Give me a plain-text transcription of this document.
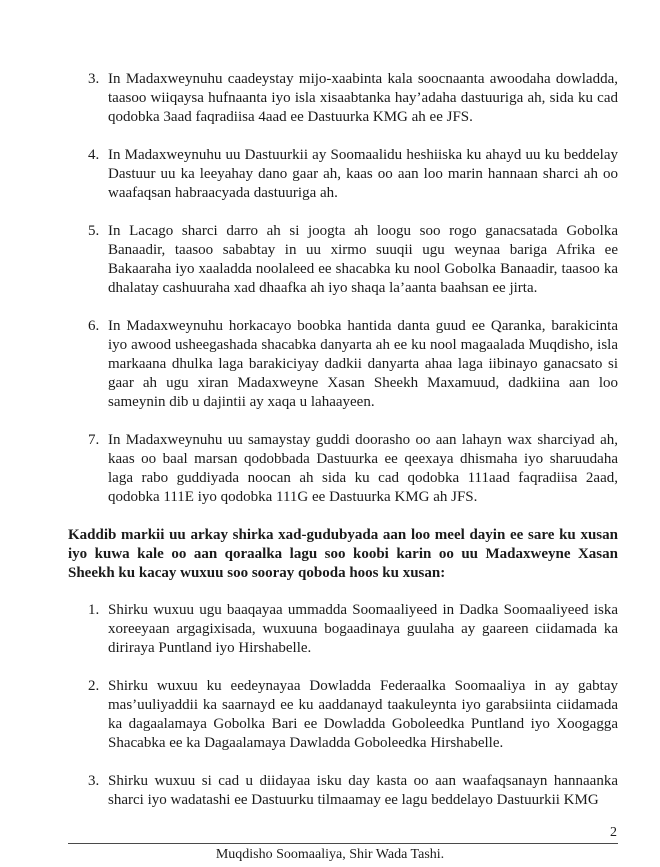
3. In Madaxweynuhu caadeystay mijo-xaabinta kala soocnaanta awoodaha dowladda, taasoo wiiqaysa hufnaanta iyo isla xisaabtanka hay’adaha dastuuriga ah, sida ku cad qodobka 3aad faqradiisa 4aad ee Dastuurka KMG ah ee JFS.
4. In Madaxweynuhu uu Dastuurkii ay Soomaalidu heshiiska ku ahayd uu ku beddelay Dastuur uu ka leeyahay dano gaar ah, kaas oo aan loo marin hannaan sharci ah oo waafaqsan habraacyada dastuuriga ah.
5. In Lacago sharci darro ah si joogta ah loogu soo rogo ganacsatada Gobolka Banaadir, taasoo sababtay in uu xirmo suuqii ugu weynaa bariga Afrika ee Bakaaraha iyo xaaladda noolaleed ee shacabka ku nool Gobolka Banaadir, taasoo ka dhalatay cashuuraha xad dhaafka ah iyo shaqa la’aanta baahsan ee jirta.
6. In Madaxweynuhu horkacayo boobka hantida danta guud ee Qaranka, barakicinta iyo awood usheegashada shacabka danyarta ah ee ku nool magaalada Muqdisho, isla markaana dhulka laga barakiciyay dadkii danyarta ahaa laga iibinayo ganacsato si gaar ah ugu xiran Madaxweyne Xasan Sheekh Maxamuud, dadkiina aan loo sameynin dib u dajintii ay xaqa u lahaayeen.
7. In Madaxweynuhu uu samaystay guddi doorasho oo aan lahayn wax sharciyad ah, kaas oo baal marsan qodobbada Dastuurka ee qeexaya dhismaha iyo sharuudaha laga rabo guddiyada noocan ah sida ku cad qodobka 111aad faqradiisa 2aad, qodobka 111E iyo qodobka 111G ee Dastuurka KMG ah JFS.

Kaddib markii uu arkay shirka xad-gudubyada aan loo meel dayin ee sare ku xusan iyo kuwa kale oo aan qoraalka lagu soo koobi karin oo uu Madaxweyne Xasan Sheekh ku kacay wuxuu soo sooray qoboda hoos ku xusan:

1. Shirku wuxuu ugu baaqayaa ummadda Soomaaliyeed in Dadka Soomaaliyeed iska xoreeyaan argagixisada, wuxuuna bogaadinaya guulaha ay gaareen ciidamada ka diriraya Puntland iyo Hirshabelle.
2. Shirku wuxuu ku eedeynayaa Dowladda Federaalka Soomaaliya in ay gabtay mas’uuliyaddii ka saarnayd ee ku aaddanayd taakuleynta iyo garabsiinta ciidamada ka dagaalamaya Gobolka Bari ee Dowladda Goboleedka Puntland iyo Xoogagga Shacabka ee ka Dagaalamaya Dawladda Goboleedka Hirshabelle.
3. Shirku wuxuu si cad u diidayaa isku day kasta oo aan waafaqsanayn hannaanka sharci iyo wadatashi ee Dastuurku tilmaamay ee lagu beddelayo Dastuurkii KMG
2
Muqdisho Soomaaliya, Shir Wada Tashi.
